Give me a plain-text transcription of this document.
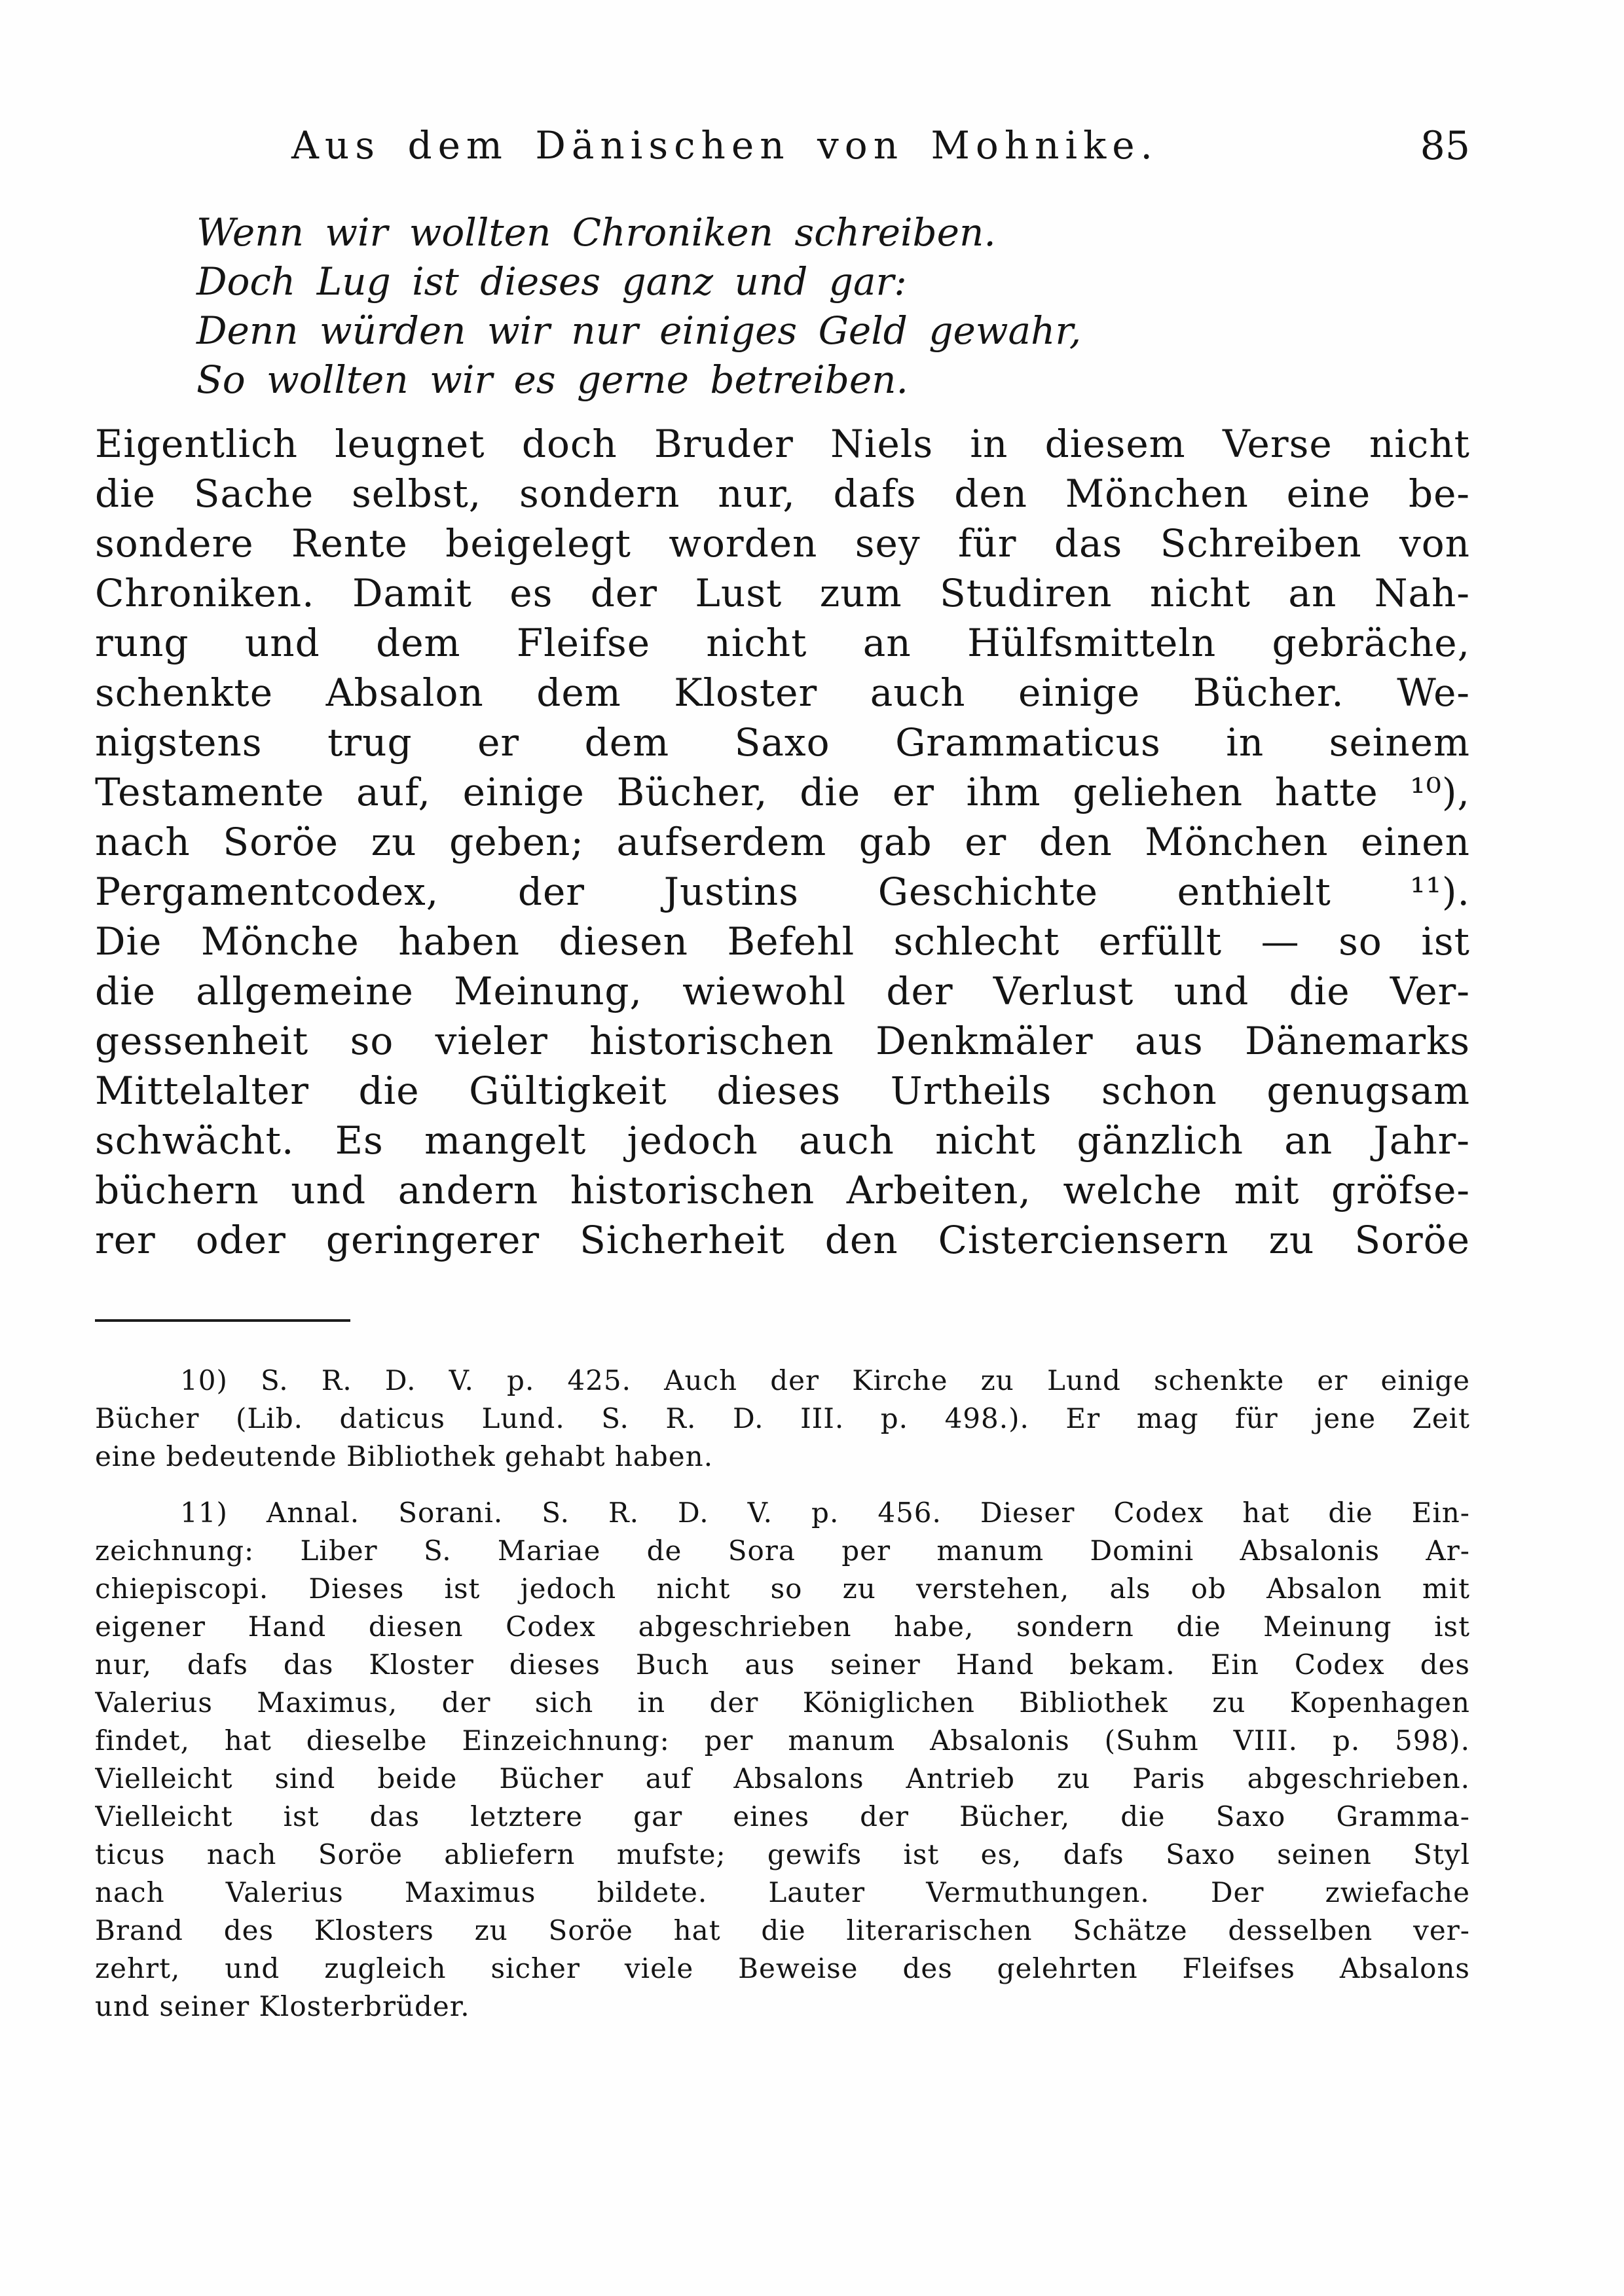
Aus dem Dänischen von Mohnike.	85
Wenn wir wollten Chroniken schreiben.
Doch Lug ist dieses ganz und gar:
Denn würden wir nur einiges Geld gewahr,
So wollten wir es gerne betreiben.
Eigentlich leugnet doch Bruder Niels in diesem Verse nicht
die Sache selbst, sondern nur, dafs den Mönchen eine be-
sondere Rente beigelegt worden sey für das Schreiben von
Chroniken. Damit es der Lust zum Studiren nicht an Nah-
rung und dem Fleifse nicht an Hülfsmitteln gebräche,
schenkte Absalon dem Kloster auch einige Bücher. We-
nigstens trug er dem Saxo Grammaticus in seinem
Testamente auf, einige Bücher, die er ihm geliehen hatte ¹⁰),
nach Soröe zu geben; aufserdem gab er den Mönchen einen
Pergamentcodex, der Justins Geschichte enthielt ¹¹).
Die Mönche haben diesen Befehl schlecht erfüllt — so ist
die allgemeine Meinung, wiewohl der Verlust und die Ver-
gessenheit so vieler historischen Denkmäler aus Dänemarks
Mittelalter die Gültigkeit dieses Urtheils schon genugsam
schwächt. Es mangelt jedoch auch nicht gänzlich an Jahr-
büchern und andern historischen Arbeiten, welche mit gröfse-
rer oder geringerer Sicherheit den Cisterciensern zu Soröe
10) S. R. D. V. p. 425. Auch der Kirche zu Lund schenkte er einige
Bücher (Lib. daticus Lund. S. R. D. III. p. 498.). Er mag für jene Zeit
eine bedeutende Bibliothek gehabt haben.
11) Annal. Sorani. S. R. D. V. p. 456. Dieser Codex hat die Ein-
zeichnung: Liber S. Mariae de Sora per manum Domini Absalonis Ar-
chiepiscopi. Dieses ist jedoch nicht so zu verstehen, als ob Absalon mit
eigener Hand diesen Codex abgeschrieben habe, sondern die Meinung ist
nur, dafs das Kloster dieses Buch aus seiner Hand bekam. Ein Codex des
Valerius Maximus, der sich in der Königlichen Bibliothek zu Kopenhagen
findet, hat dieselbe Einzeichnung: per manum Absalonis (Suhm VIII. p. 598).
Vielleicht sind beide Bücher auf Absalons Antrieb zu Paris abgeschrieben.
Vielleicht ist das letztere gar eines der Bücher, die Saxo Gramma-
ticus nach Soröe abliefern mufste; gewifs ist es, dafs Saxo seinen Styl
nach Valerius Maximus bildete. Lauter Vermuthungen. Der zwiefache
Brand des Klosters zu Soröe hat die literarischen Schätze desselben ver-
zehrt, und zugleich sicher viele Beweise des gelehrten Fleifses Absalons
und seiner Klosterbrüder.
